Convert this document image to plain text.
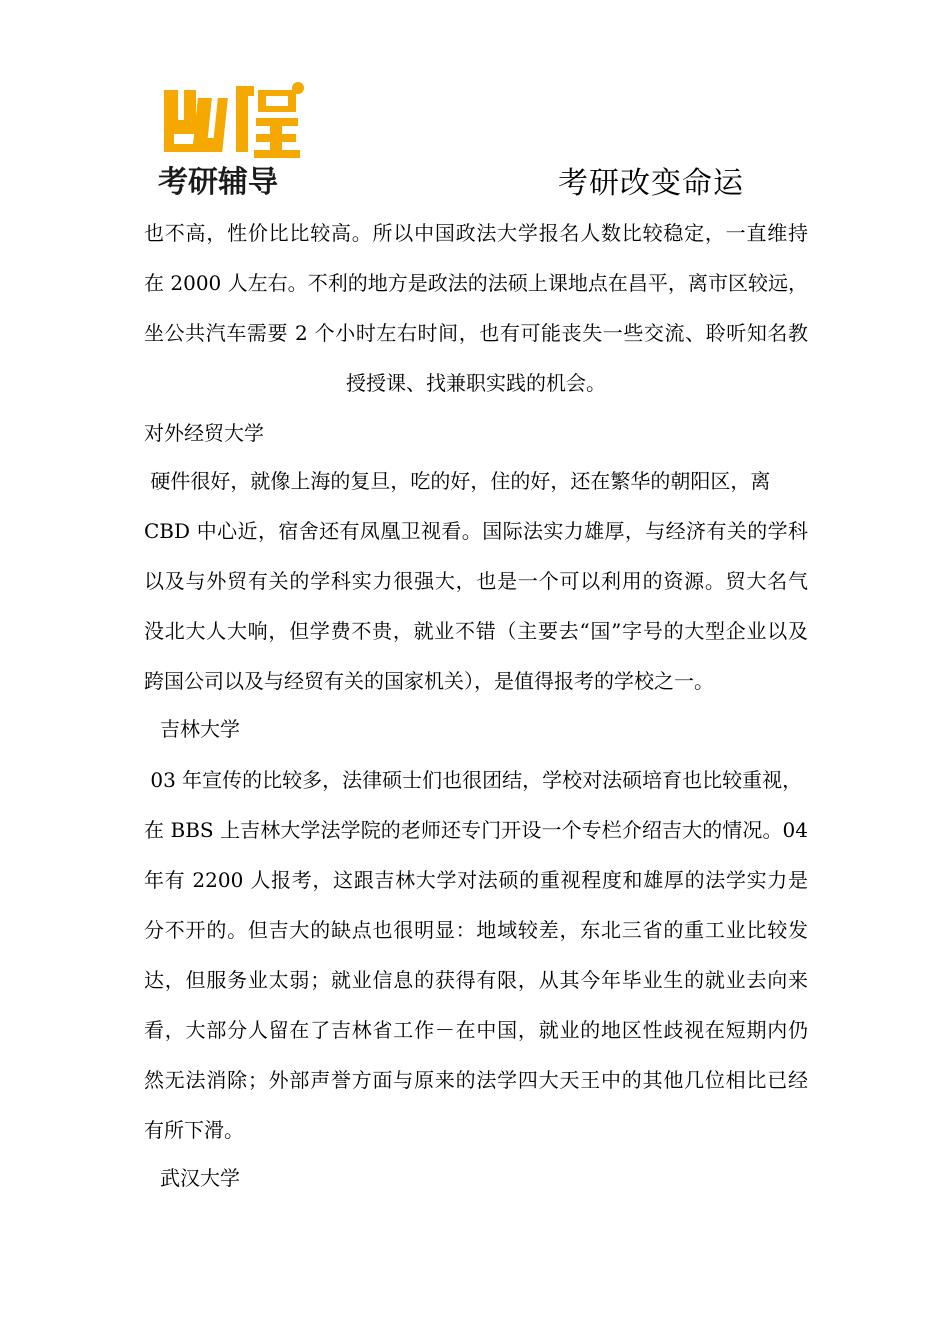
考研辅导	考研改变命运
也不高，性价比比较高。所以中国政法大学报名人数比较稳定，一直维持
在 2000 人左右。不利的地方是政法的法硕上课地点在昌平，离市区较远，
坐公共汽车需要 2 个小时左右时间，也有可能丧失一些交流、聆听知名教
授授课、找兼职实践的机会。
对外经贸大学
硬件很好，就像上海的复旦，吃的好，住的好，还在繁华的朝阳区，离
CBD 中心近，宿舍还有凤凰卫视看。国际法实力雄厚，与经济有关的学科
以及与外贸有关的学科实力很强大，也是一个可以利用的资源。贸大名气
没北大人大响，但学费不贵，就业不错（主要去“国”字号的大型企业以及
跨国公司以及与经贸有关的国家机关），是值得报考的学校之一。
吉林大学
03 年宣传的比较多，法律硕士们也很团结，学校对法硕培育也比较重视，
在 BBS 上吉林大学法学院的老师还专门开设一个专栏介绍吉大的情况。04
年有 2200 人报考，这跟吉林大学对法硕的重视程度和雄厚的法学实力是
分不开的。但吉大的缺点也很明显：地域较差，东北三省的重工业比较发
达，但服务业太弱；就业信息的获得有限，从其今年毕业生的就业去向来
看，大部分人留在了吉林省工作－在中国，就业的地区性歧视在短期内仍
然无法消除；外部声誉方面与原来的法学四大天王中的其他几位相比已经
有所下滑。
武汉大学
